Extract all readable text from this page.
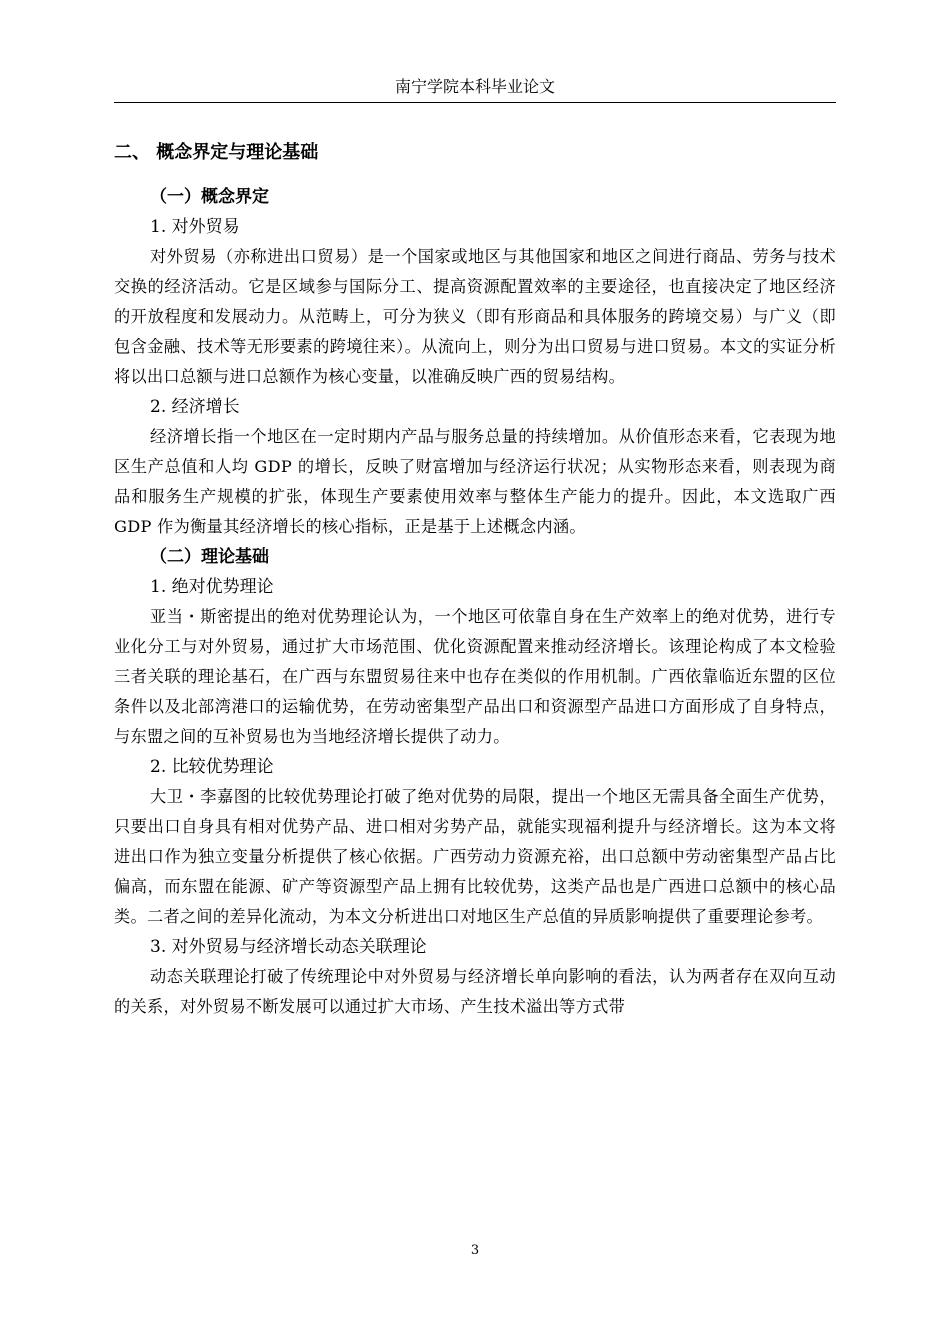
南宁学院本科毕业论文

二、 概念界定与理论基础

（一）概念界定

1. 对外贸易

对外贸易（亦称进出口贸易）是一个国家或地区与其他国家和地区之间进行商品、劳务与技术交换的经济活动。它是区域参与国际分工、提高资源配置效率的主要途径，也直接决定了地区经济的开放程度和发展动力。从范畴上，可分为狭义（即有形商品和具体服务的跨境交易）与广义（即包含金融、技术等无形要素的跨境往来）。从流向上，则分为出口贸易与进口贸易。本文的实证分析将以出口总额与进口总额作为核心变量，以准确反映广西的贸易结构。

2. 经济增长

经济增长指一个地区在一定时期内产品与服务总量的持续增加。从价值形态来看，它表现为地区生产总值和人均 GDP 的增长，反映了财富增加与经济运行状况；从实物形态来看，则表现为商品和服务生产规模的扩张，体现生产要素使用效率与整体生产能力的提升。因此，本文选取广西 GDP 作为衡量其经济增长的核心指标，正是基于上述概念内涵。

（二）理论基础

1. 绝对优势理论

亚当・斯密提出的绝对优势理论认为，一个地区可依靠自身在生产效率上的绝对优势，进行专业化分工与对外贸易，通过扩大市场范围、优化资源配置来推动经济增长。该理论构成了本文检验三者关联的理论基石，在广西与东盟贸易往来中也存在类似的作用机制。广西依靠临近东盟的区位条件以及北部湾港口的运输优势，在劳动密集型产品出口和资源型产品进口方面形成了自身特点，与东盟之间的互补贸易也为当地经济增长提供了动力。

2. 比较优势理论

大卫・李嘉图的比较优势理论打破了绝对优势的局限，提出一个地区无需具备全面生产优势，只要出口自身具有相对优势产品、进口相对劣势产品，就能实现福利提升与经济增长。这为本文将进出口作为独立变量分析提供了核心依据。广西劳动力资源充裕，出口总额中劳动密集型产品占比偏高，而东盟在能源、矿产等资源型产品上拥有比较优势，这类产品也是广西进口总额中的核心品类。二者之间的差异化流动，为本文分析进出口对地区生产总值的异质影响提供了重要理论参考。

3. 对外贸易与经济增长动态关联理论

动态关联理论打破了传统理论中对外贸易与经济增长单向影响的看法，认为两者存在双向互动的关系，对外贸易不断发展可以通过扩大市场、产生技术溢出等方式带

3
